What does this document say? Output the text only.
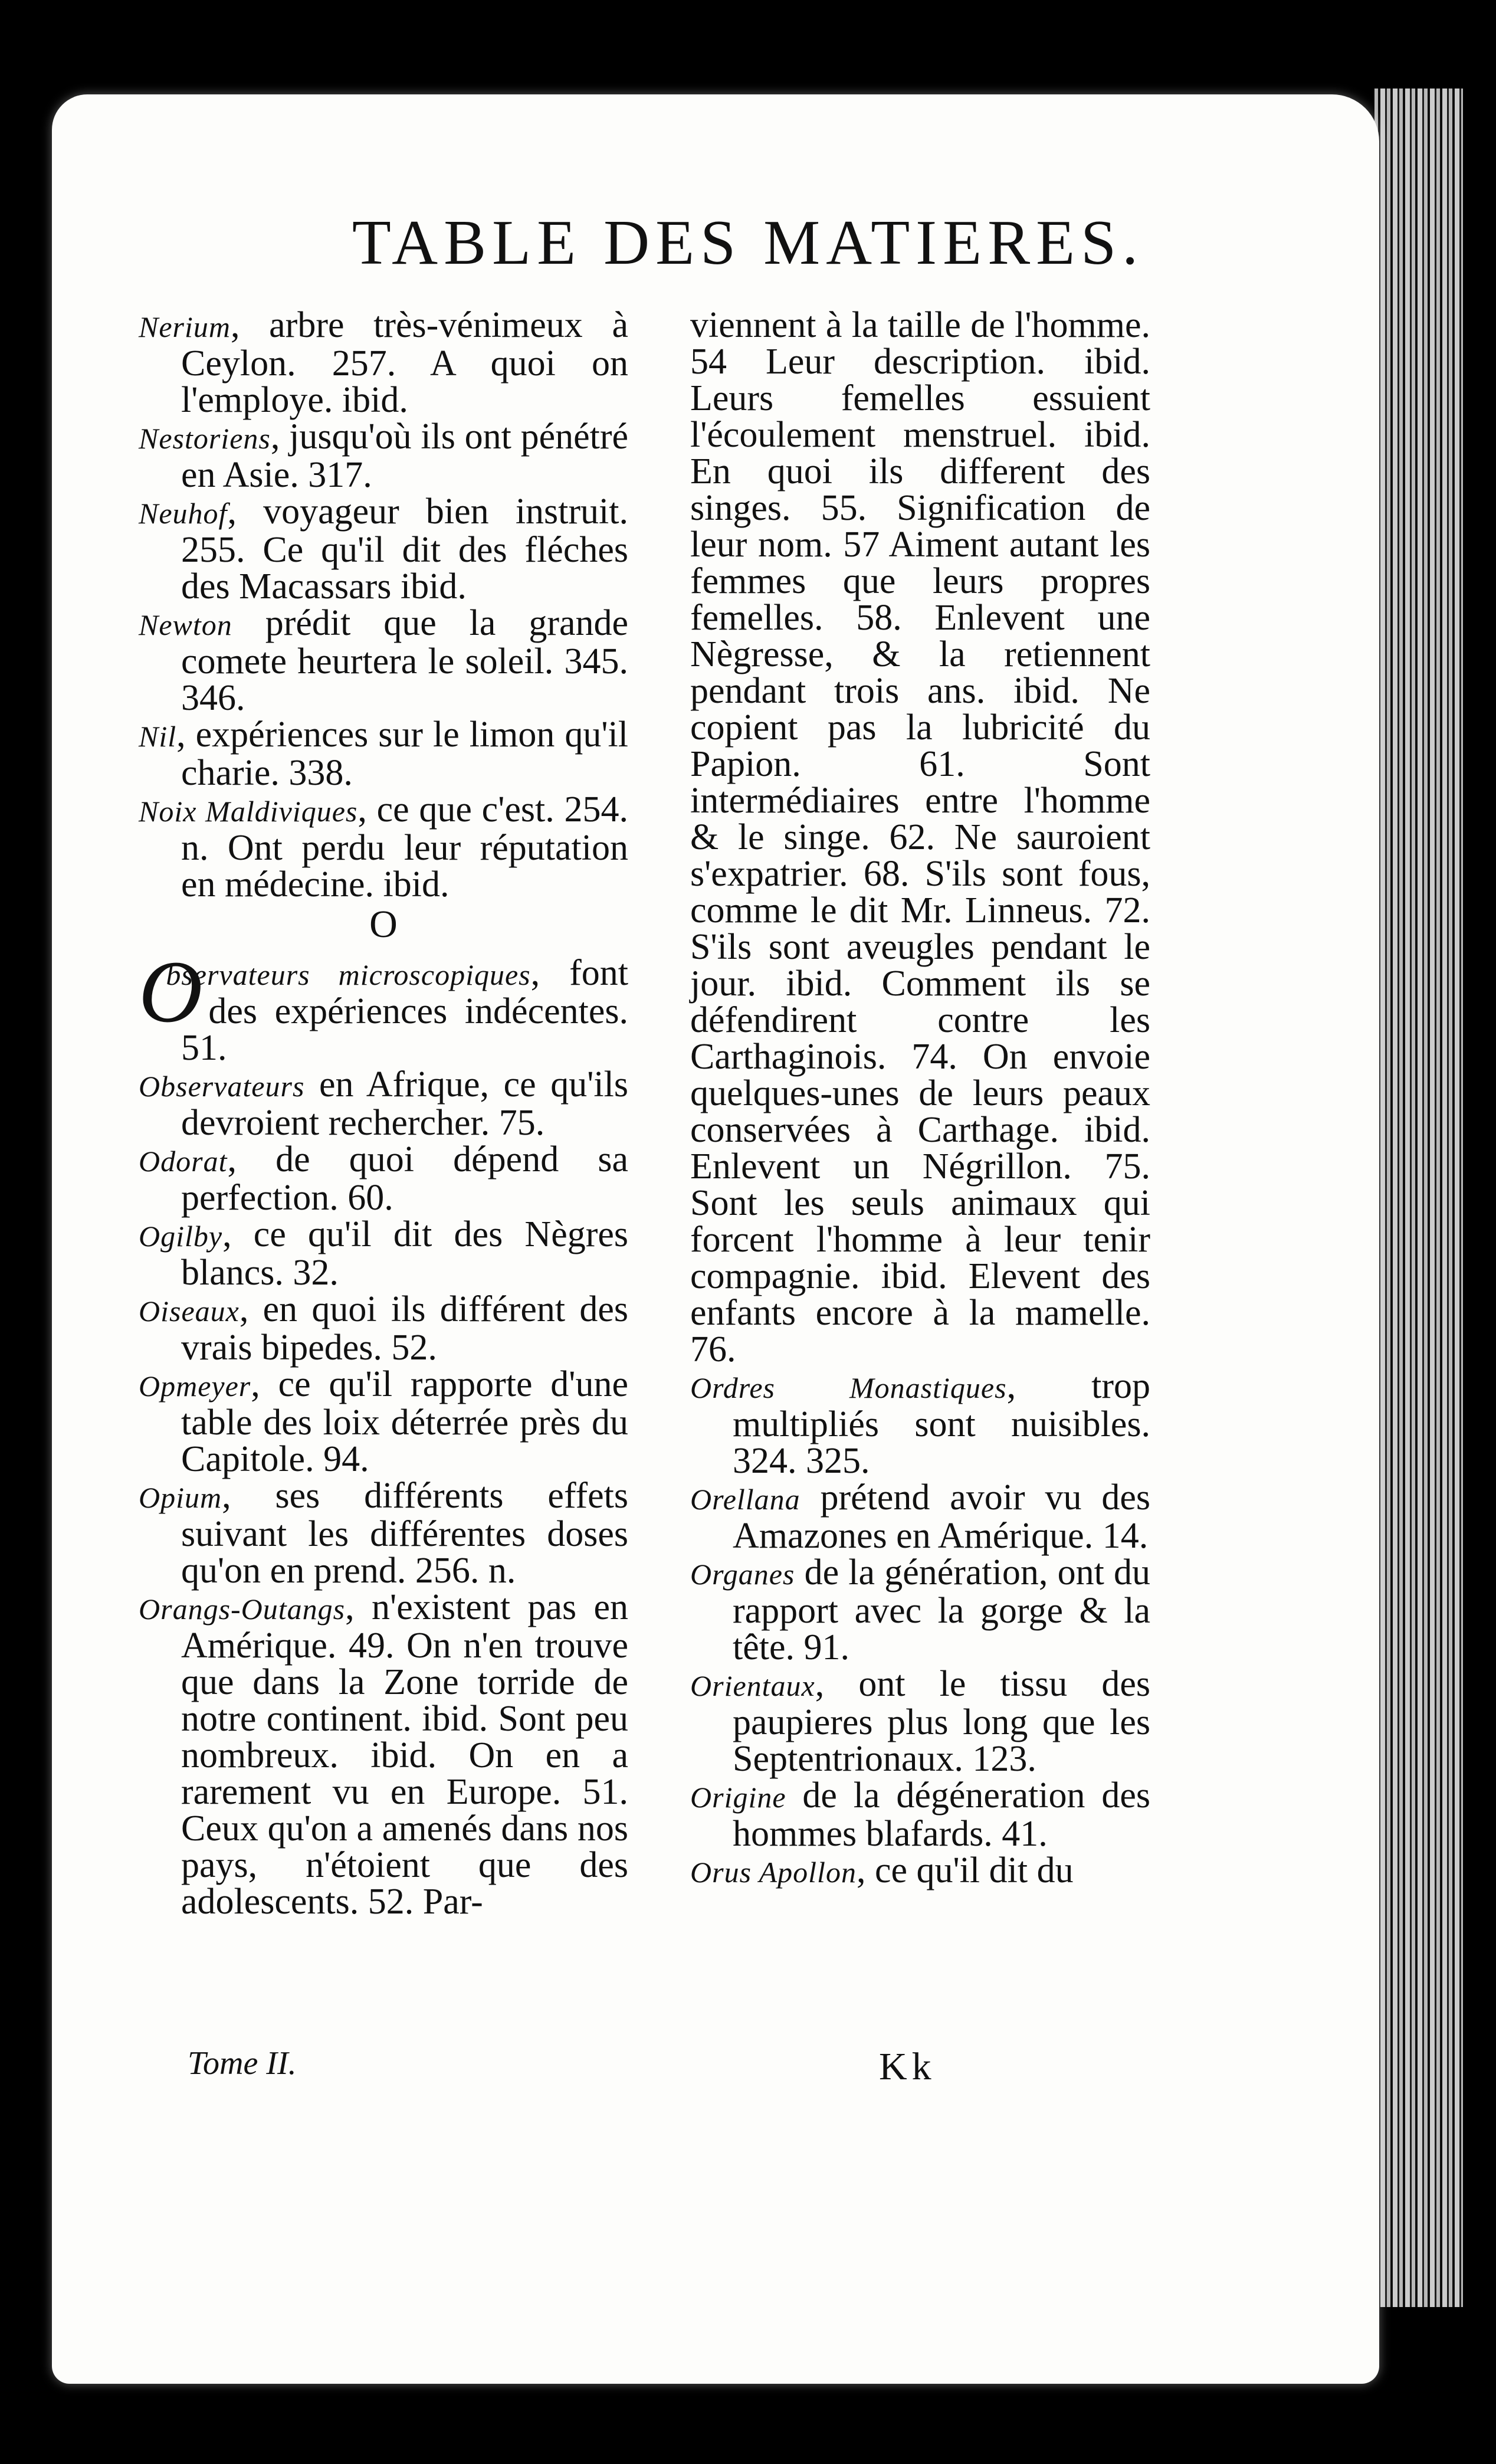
TABLE DES MATIERES.
Nerium, arbre très-vénimeux à Ceylon. 257. A quoi on l'employe. ibid.
Nestoriens, jusqu'où ils ont pénétré en Asie. 317.
Neuhof, voyageur bien instruit. 255. Ce qu'il dit des fléches des Macassars ibid.
Newton prédit que la grande comete heurtera le soleil. 345. 346.
Nil, expériences sur le limon qu'il charie. 338.
Noix Maldiviques, ce que c'est. 254. n. Ont perdu leur réputation en médecine. ibid.
O
O
bservateurs microscopiques, font des expériences indécentes. 51.
Observateurs en Afrique, ce qu'ils devroient rechercher. 75.
Odorat, de quoi dépend sa perfection. 60.
Ogilby, ce qu'il dit des Nègres blancs. 32.
Oiseaux, en quoi ils différent des vrais bipedes. 52.
Opmeyer, ce qu'il rapporte d'une table des loix déterrée près du Capitole. 94.
Opium, ses différents effets suivant les différentes doses qu'on en prend. 256. n.
Orangs-Outangs, n'existent pas en Amérique. 49. On n'en trouve que dans la Zone torride de notre continent. ibid. Sont peu nombreux. ibid. On en a rarement vu en Europe. 51. Ceux qu'on a amenés dans nos pays, n'étoient que des adolescents. 52. Par-
viennent à la taille de l'homme. 54 Leur description. ibid. Leurs femelles essuient l'écoulement menstruel. ibid. En quoi ils different des singes. 55. Signification de leur nom. 57 Aiment autant les femmes que leurs propres femelles. 58. Enlevent une Nègresse, & la retiennent pendant trois ans. ibid. Ne copient pas la lubricité du Papion. 61. Sont intermédiaires entre l'homme & le singe. 62. Ne sauroient s'expatrier. 68. S'ils sont fous, comme le dit Mr. Linneus. 72. S'ils sont aveugles pendant le jour. ibid. Comment ils se défendirent contre les Carthaginois. 74. On envoie quelques-unes de leurs peaux conservées à Carthage. ibid. Enlevent un Négrillon. 75. Sont les seuls animaux qui forcent l'homme à leur tenir compagnie. ibid. Elevent des enfants encore à la mamelle. 76.
Ordres Monastiques, trop multipliés sont nuisibles. 324. 325.
Orellana prétend avoir vu des Amazones en Amérique. 14.
Organes de la génération, ont du rapport avec la gorge & la tête. 91.
Orientaux, ont le tissu des paupieres plus long que les Septentrionaux. 123.
Origine de la dégéneration des hommes blafards. 41.
Orus Apollon, ce qu'il dit du
Tome II.	Kk
